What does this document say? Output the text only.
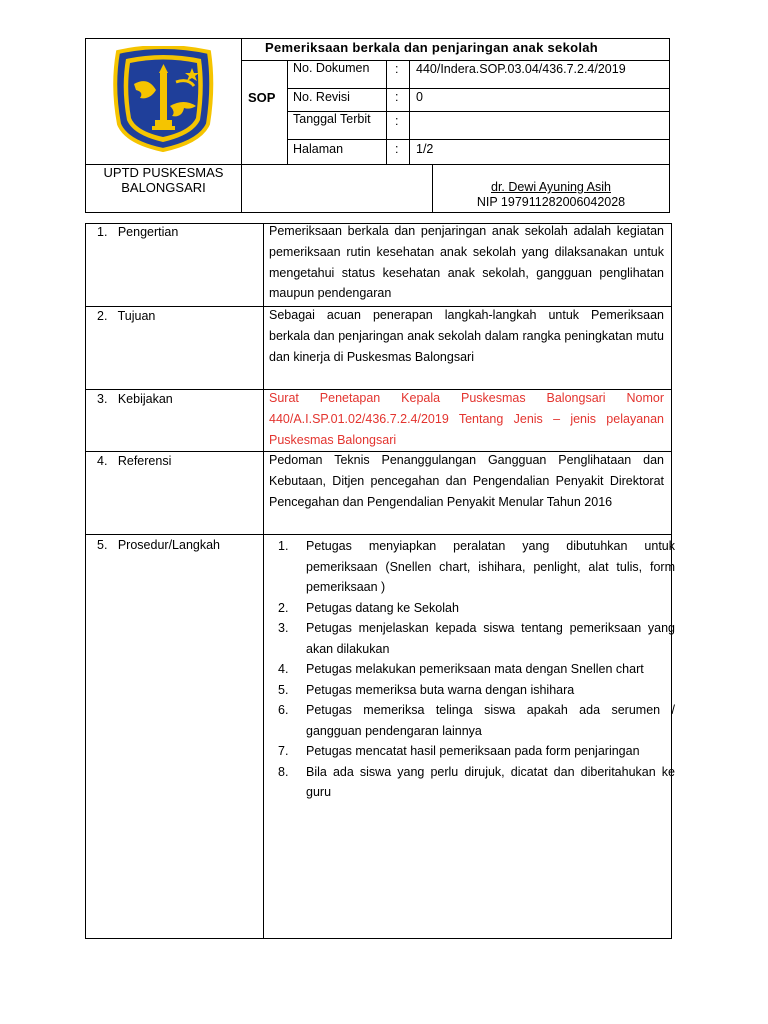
Pemeriksaan berkala dan penjaringan anak sekolah
SOP
No. Dokumen	: 440/Indera.SOP.03.04/436.7.2.4/2019
No. Revisi	: 0
Tanggal Terbit :
Halaman	: 1/2
UPTD PUSKESMAS
BALONGSARI	dr. Dewi Ayuning Asih
NIP 197911282006042028
1.   Pengertian	Pemeriksaan berkala dan penjaringan anak sekolah adalah kegiatan pemeriksaan rutin kesehatan anak sekolah yang dilaksanakan untuk mengetahui status kesehatan anak sekolah, gangguan penglihatan maupun pendengaran
2.   Tujuan	Sebagai acuan penerapan langkah-langkah untuk Pemeriksaan berkala dan penjaringan anak sekolah dalam rangka peningkatan mutu dan kinerja di Puskesmas Balongsari
3.   Kebijakan	Surat Penetapan Kepala Puskesmas Balongsari Nomor 440/A.I.SP.01.02/436.7.2.4/2019 Tentang Jenis – jenis pelayanan Puskesmas Balongsari
4.   Referensi	Pedoman Teknis Penanggulangan Gangguan Penglihataan dan Kebutaan, Ditjen pencegahan dan Pengendalian Penyakit Direktorat Pencegahan dan Pengendalian Penyakit Menular Tahun 2016
5.   Prosedur/Langkah	1. Petugas menyiapkan peralatan yang dibutuhkan untuk pemeriksaan (Snellen chart, ishihara, penlight, alat tulis, form pemeriksaan )
2. Petugas datang ke Sekolah
3. Petugas menjelaskan kepada siswa tentang pemeriksaan yang akan dilakukan
4. Petugas melakukan pemeriksaan mata dengan Snellen chart
5. Petugas memeriksa buta warna dengan ishihara
6. Petugas memeriksa telinga siswa apakah ada serumen / gangguan pendengaran lainnya
7. Petugas mencatat hasil pemeriksaan pada form penjaringan
8. Bila ada siswa yang perlu dirujuk, dicatat dan diberitahukan ke guru
